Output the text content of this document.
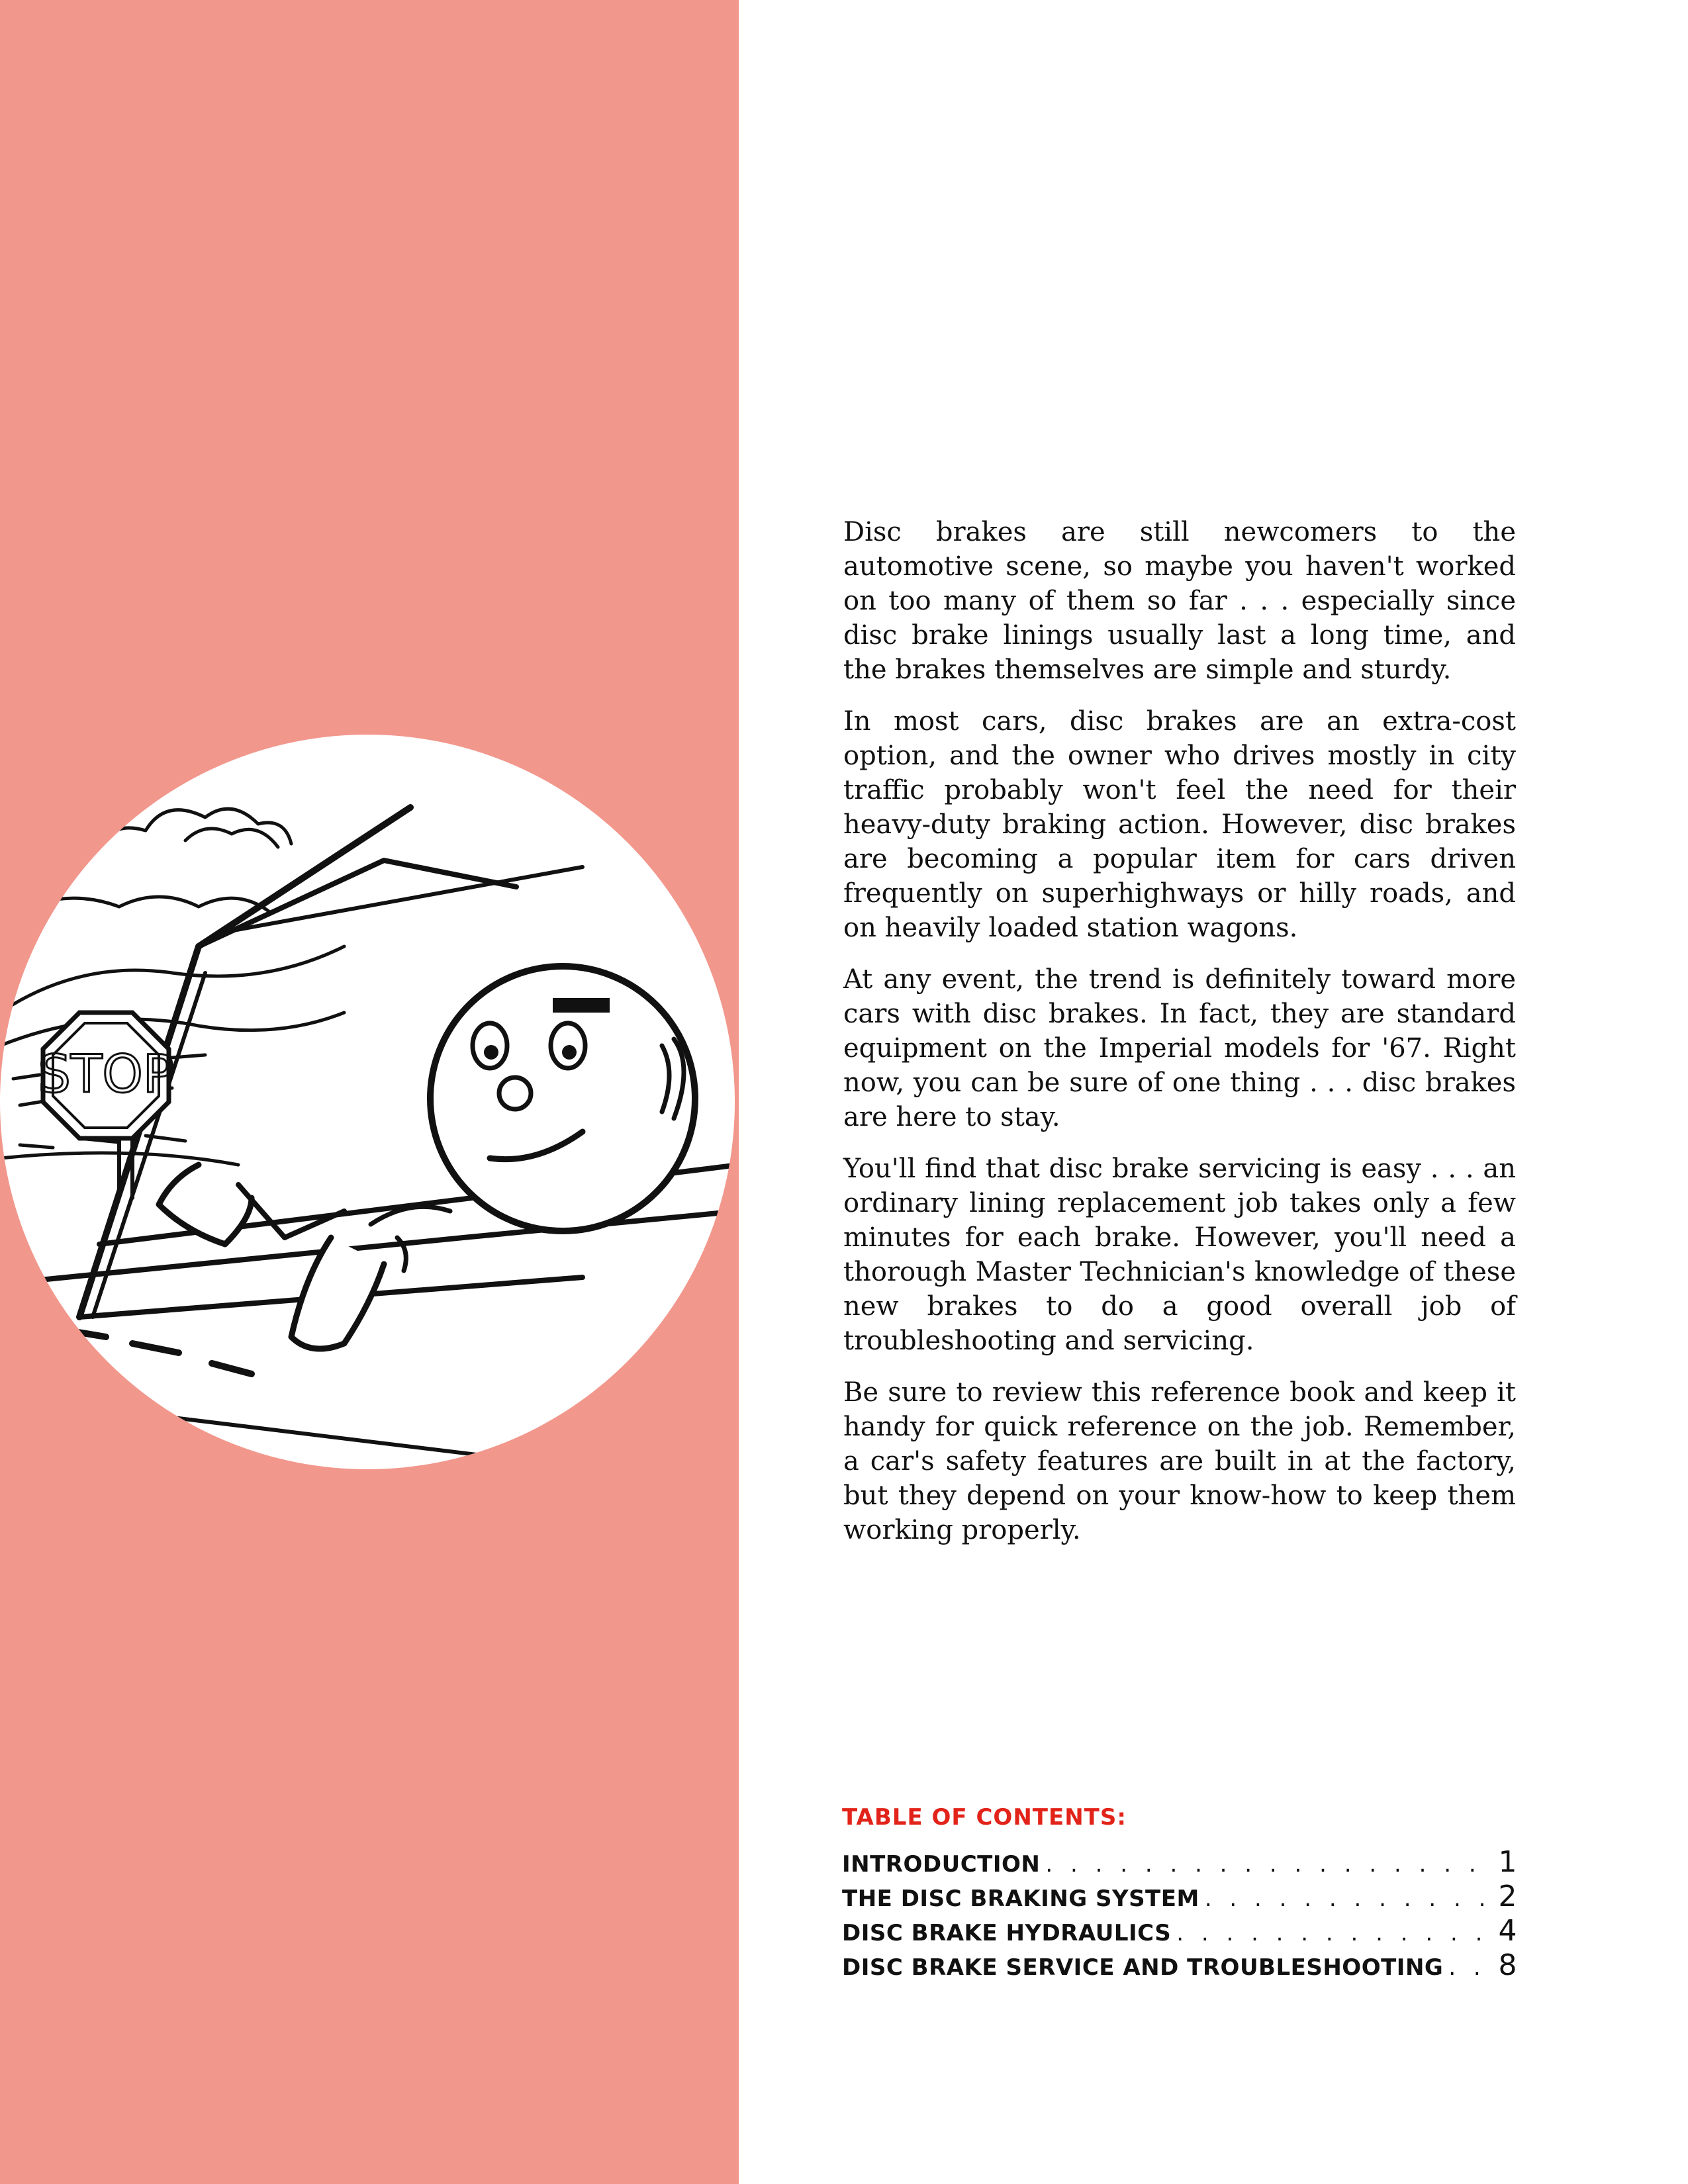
STOP

Disc brakes are still newcomers to the automotive scene, so maybe you haven't worked on too many of them so far . . . especially since disc brake linings usually last a long time, and the brakes themselves are simple and sturdy.

In most cars, disc brakes are an extra-cost option, and the owner who drives mostly in city traffic probably won't feel the need for their heavy-duty braking action. However, disc brakes are becoming a popular item for cars driven frequently on superhighways or hilly roads, and on heavily loaded station wagons.

At any event, the trend is definitely toward more cars with disc brakes. In fact, they are standard equipment on the Imperial models for '67. Right now, you can be sure of one thing . . . disc brakes are here to stay.

You'll find that disc brake servicing is easy . . . an ordinary lining replacement job takes only a few minutes for each brake. However, you'll need a thorough Master Technician's knowledge of these new brakes to do a good overall job of troubleshooting and servicing.

Be sure to review this reference book and keep it handy for quick reference on the job. Remember, a car's safety features are built in at the factory, but they depend on your know-how to keep them working properly.

TABLE OF CONTENTS:
INTRODUCTION . . .	1
THE DISC BRAKING SYSTEM . . .	2
DISC BRAKE HYDRAULICS . . .	4
DISC BRAKE SERVICE AND TROUBLESHOOTING . . . 8
